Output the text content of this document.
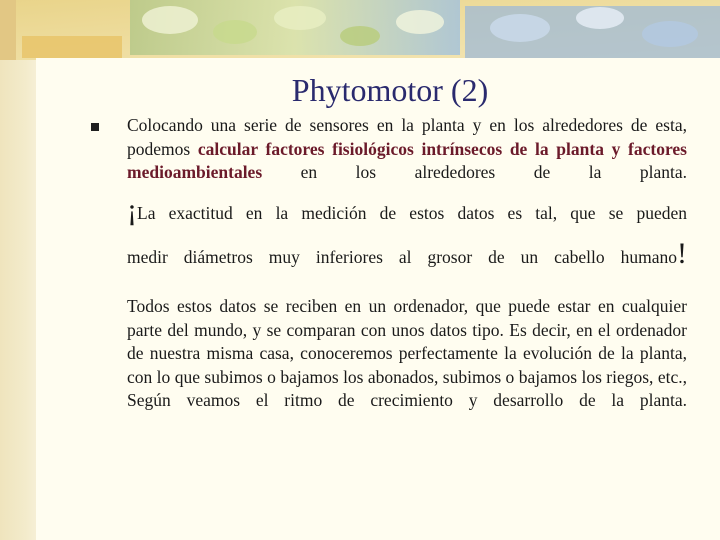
Phytomotor (2)
Colocando una serie de sensores en la planta y en los alrededores de esta, podemos calcular factores fisiológicos intrínsecos de la planta y factores medioambientales en los alrededores de la planta.
¡La exactitud en la medición de estos datos es tal, que se pueden
medir diámetros muy inferiores al grosor de un cabello humano!
Todos estos datos se reciben en un ordenador, que puede estar en cualquier parte del mundo, y se comparan con unos datos tipo. Es decir, en el ordenador de nuestra misma casa, conoceremos perfectamente la evolución de la planta, con lo que subimos o bajamos los abonados, subimos o bajamos los riegos, etc., Según veamos el ritmo de crecimiento y desarrollo de la planta.
